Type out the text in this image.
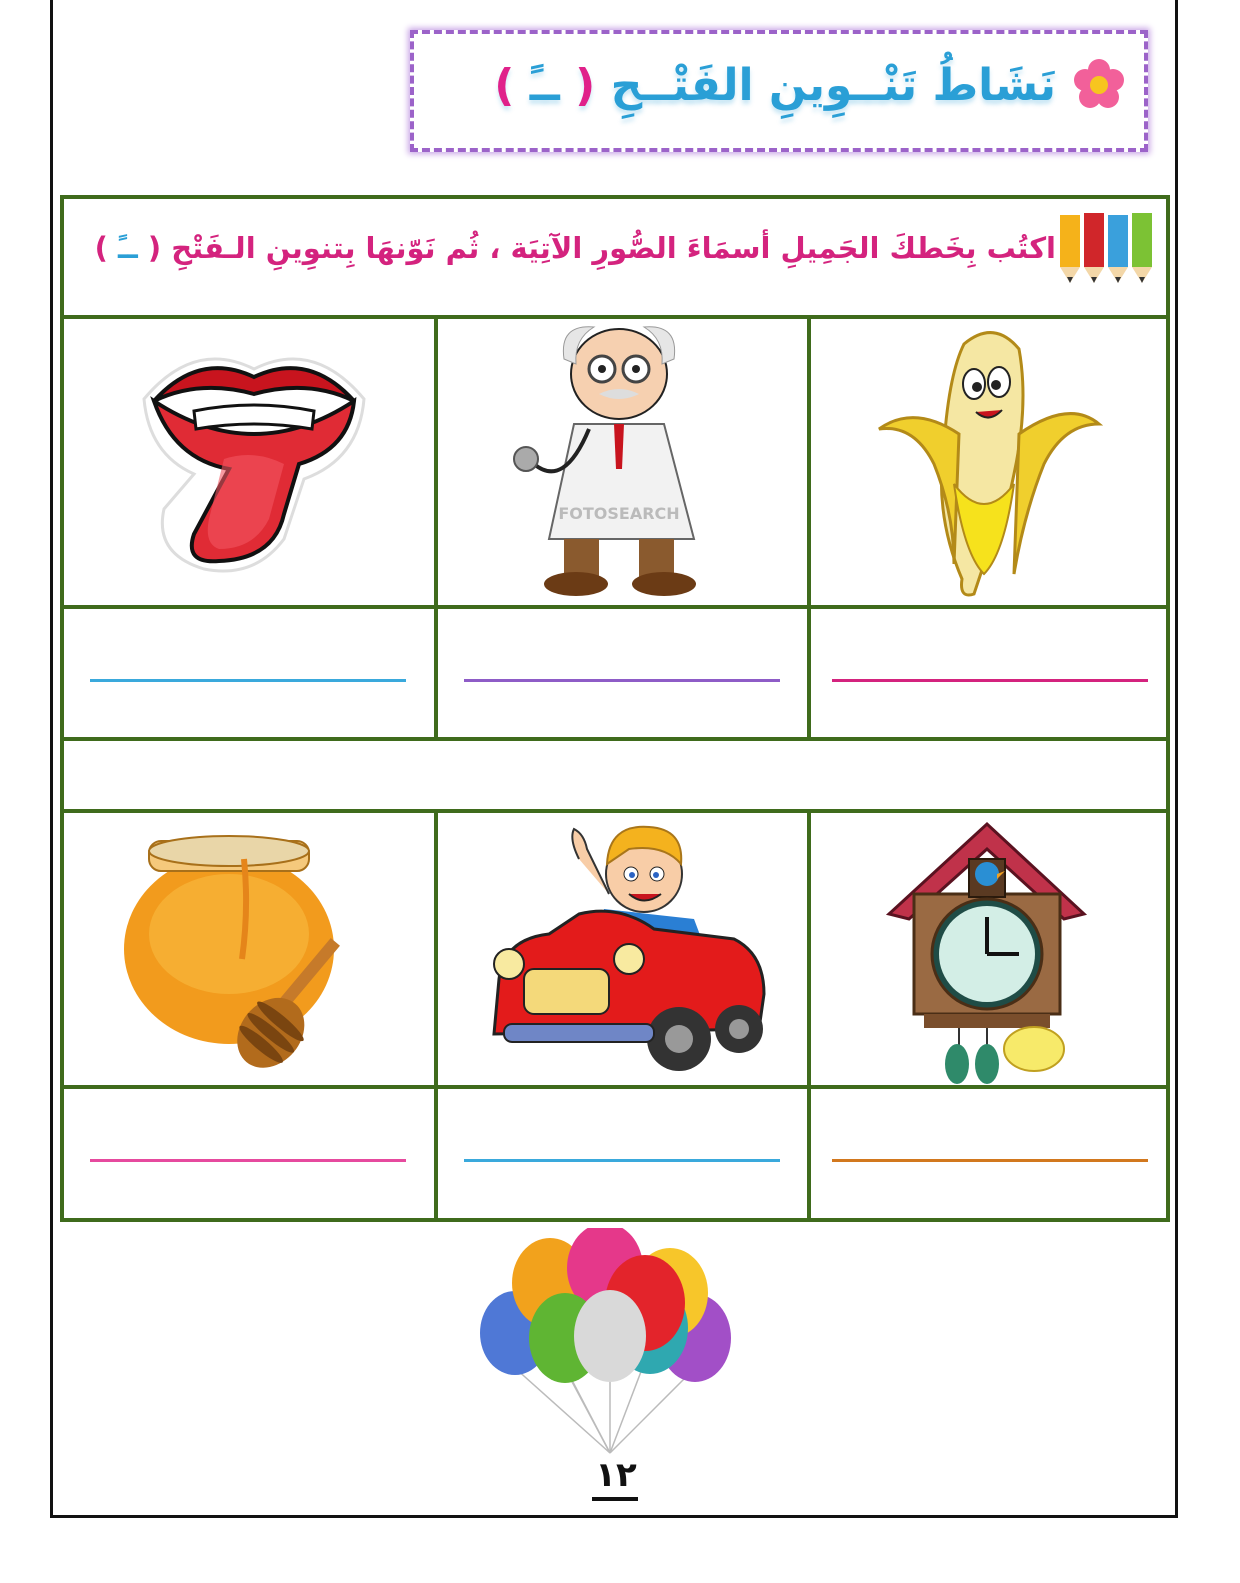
نَشَاطُ تَنْــوِينِ الفَتْــحِ ( ــً )
اكتُب بِخَطكَ الجَمِيلِ أسمَاءَ الصُّورِ الآتِيَة ، ثُم نَوّنهَا بِتنوِينِ الـفَتْحِ ( ــً )
FOTOSEARCH
١٢
